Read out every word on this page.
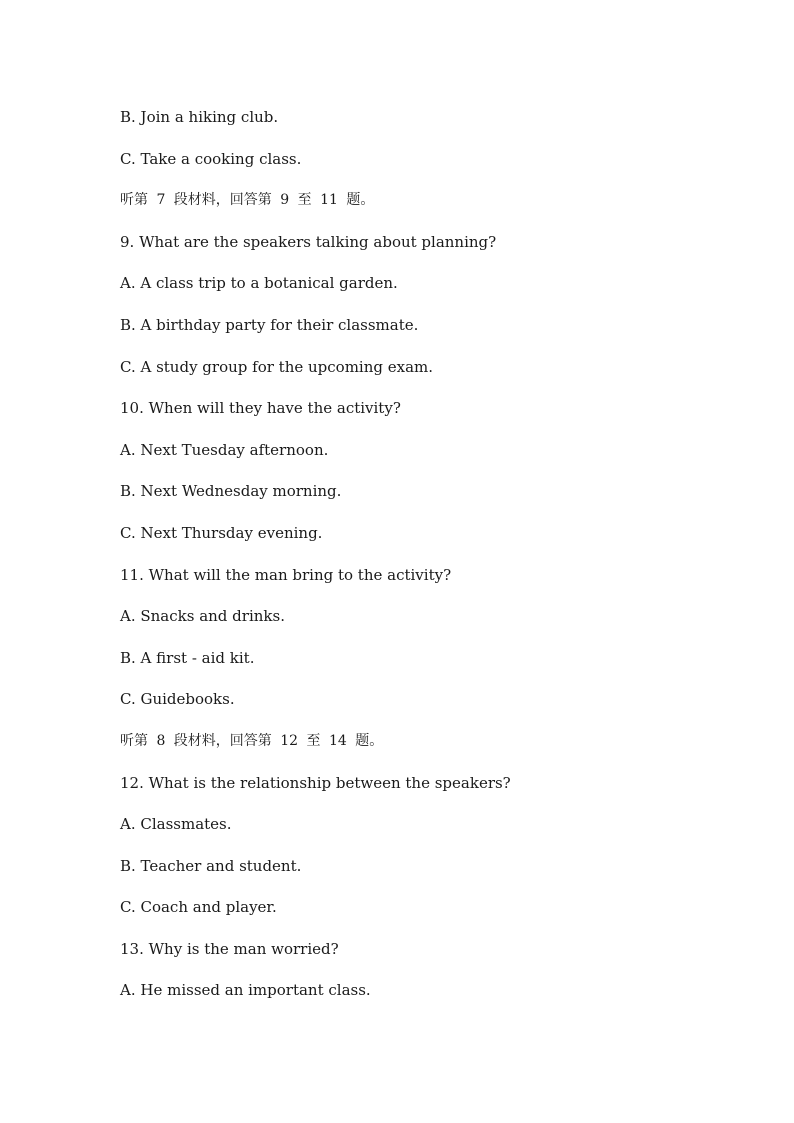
B. Join a hiking club.
C. Take a cooking class.
听第 7 段材料，回答第 9 至 11 题。
9. What are the speakers talking about planning?
A. A class trip to a botanical garden.
B. A birthday party for their classmate.
C. A study group for the upcoming exam.
10. When will they have the activity?
A. Next Tuesday afternoon.
B. Next Wednesday morning.
C. Next Thursday evening.
11. What will the man bring to the activity?
A. Snacks and drinks.
B. A first - aid kit.
C. Guidebooks.
听第 8 段材料，回答第 12 至 14 题。
12. What is the relationship between the speakers?
A. Classmates.
B. Teacher and student.
C. Coach and player.
13. Why is the man worried?
A. He missed an important class.
